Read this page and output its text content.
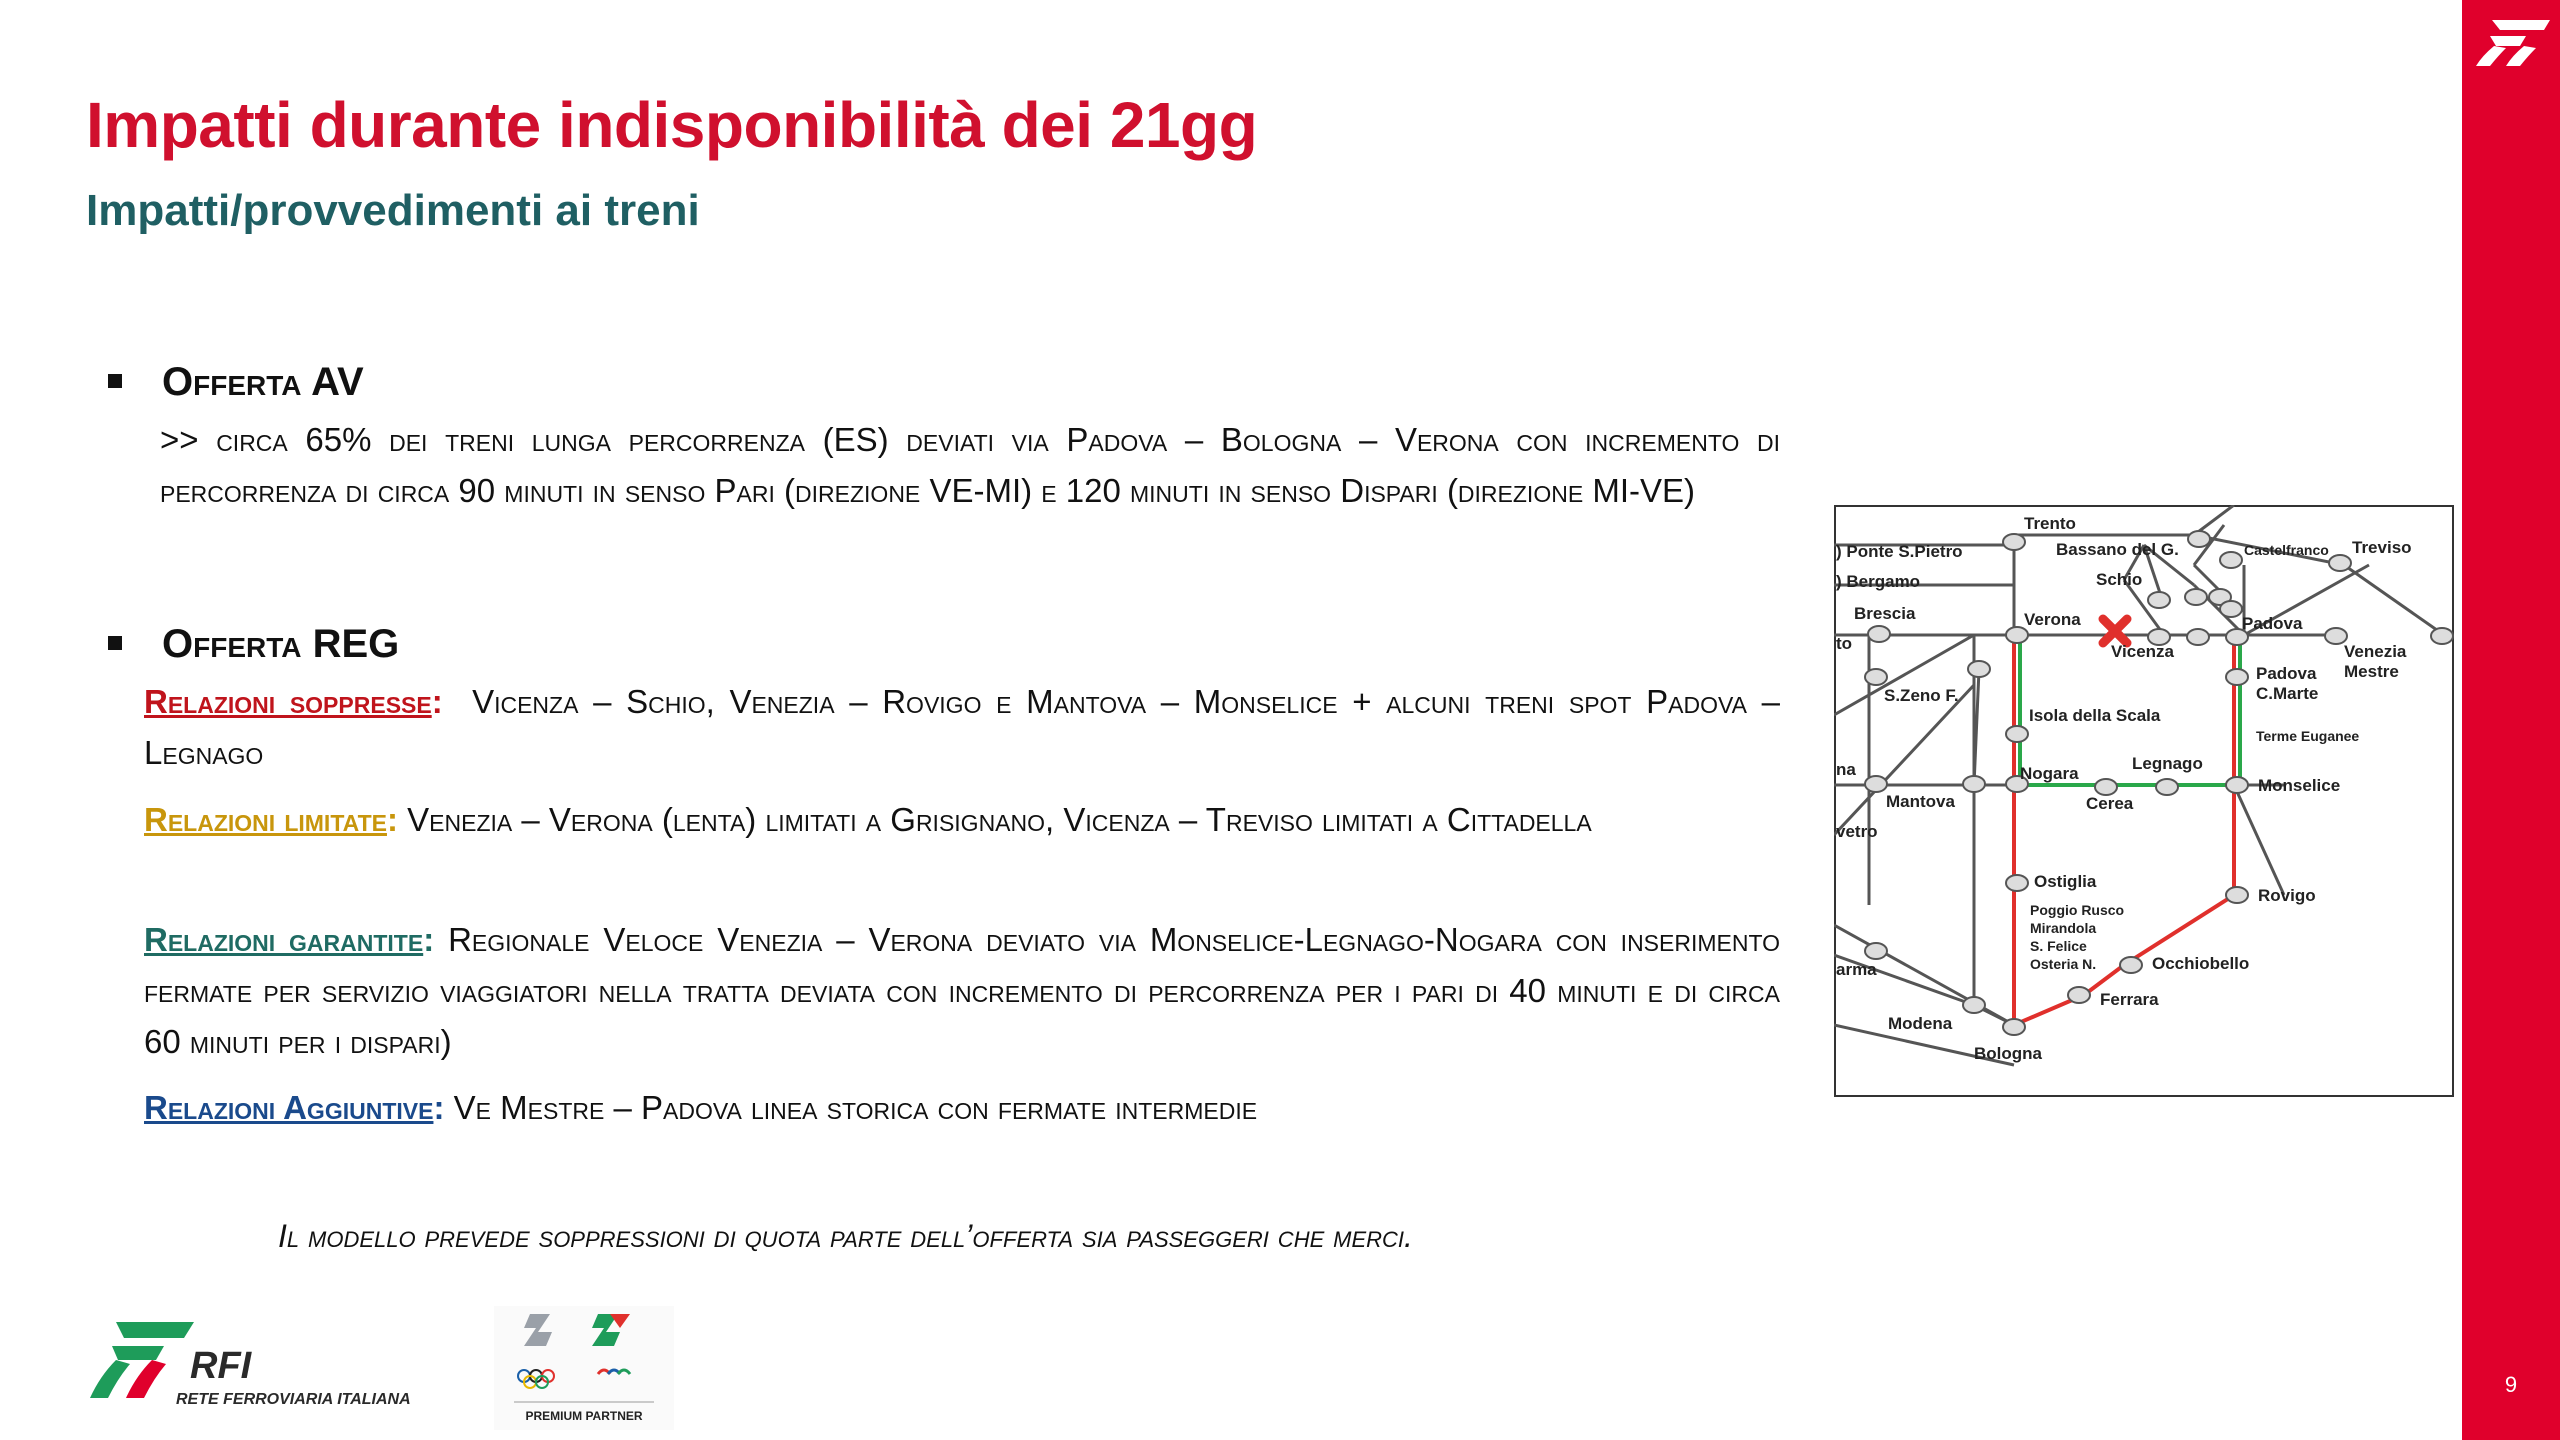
9
Impatti durante indisponibilità dei 21gg
Impatti/provvedimenti ai treni
Offerta AV
>> circa 65% dei treni lunga percorrenza (ES) deviati via Padova – Bologna – Verona con incremento di percorrenza di circa 90 minuti in senso Pari (direzione VE-MI) e 120 minuti in senso Dispari (direzione MI-VE)
Offerta REG
Relazioni soppresse: Vicenza – Schio, Venezia – Rovigo e Mantova – Monselice + alcuni treni spot Padova – Legnago
Relazioni limitate: Venezia – Verona (lenta) limitati a Grisignano, Vicenza – Treviso limitati a Cittadella
Relazioni garantite: Regionale Veloce Venezia – Verona deviato via Monselice-Legnago-Nogara con inserimento fermate per servizio viaggiatori nella tratta deviata con incremento di percorrenza per i pari di 40 minuti e di circa 60 minuti per i dispari)
Relazioni Aggiuntive: Ve Mestre – Padova linea storica con fermate intermedie
Il modello prevede soppressioni di quota parte dell’offerta sia passeggeri che merci.
Trento
Treviso
) Ponte S.Pietro
) Bergamo
Bassano del G.	Castelfranco
Schio
Brescia	Verona	Padova
to	Vicenza	Venezia
Mestre
Padova
C.Marte
S.Zeno F.
Isola della Scala
Terme Euganee
na	Nogara
Legnago
Monselice
Mantova	Cerea
vetro
Ostiglia
Rovigo
Poggio Rusco
Mirandola
S. Felice
Osteria N.	Occhiobello
arma
Ferrara
Modena
Bologna
RFI
RETE FERROVIARIA ITALIANA
PREMIUM PARTNER
